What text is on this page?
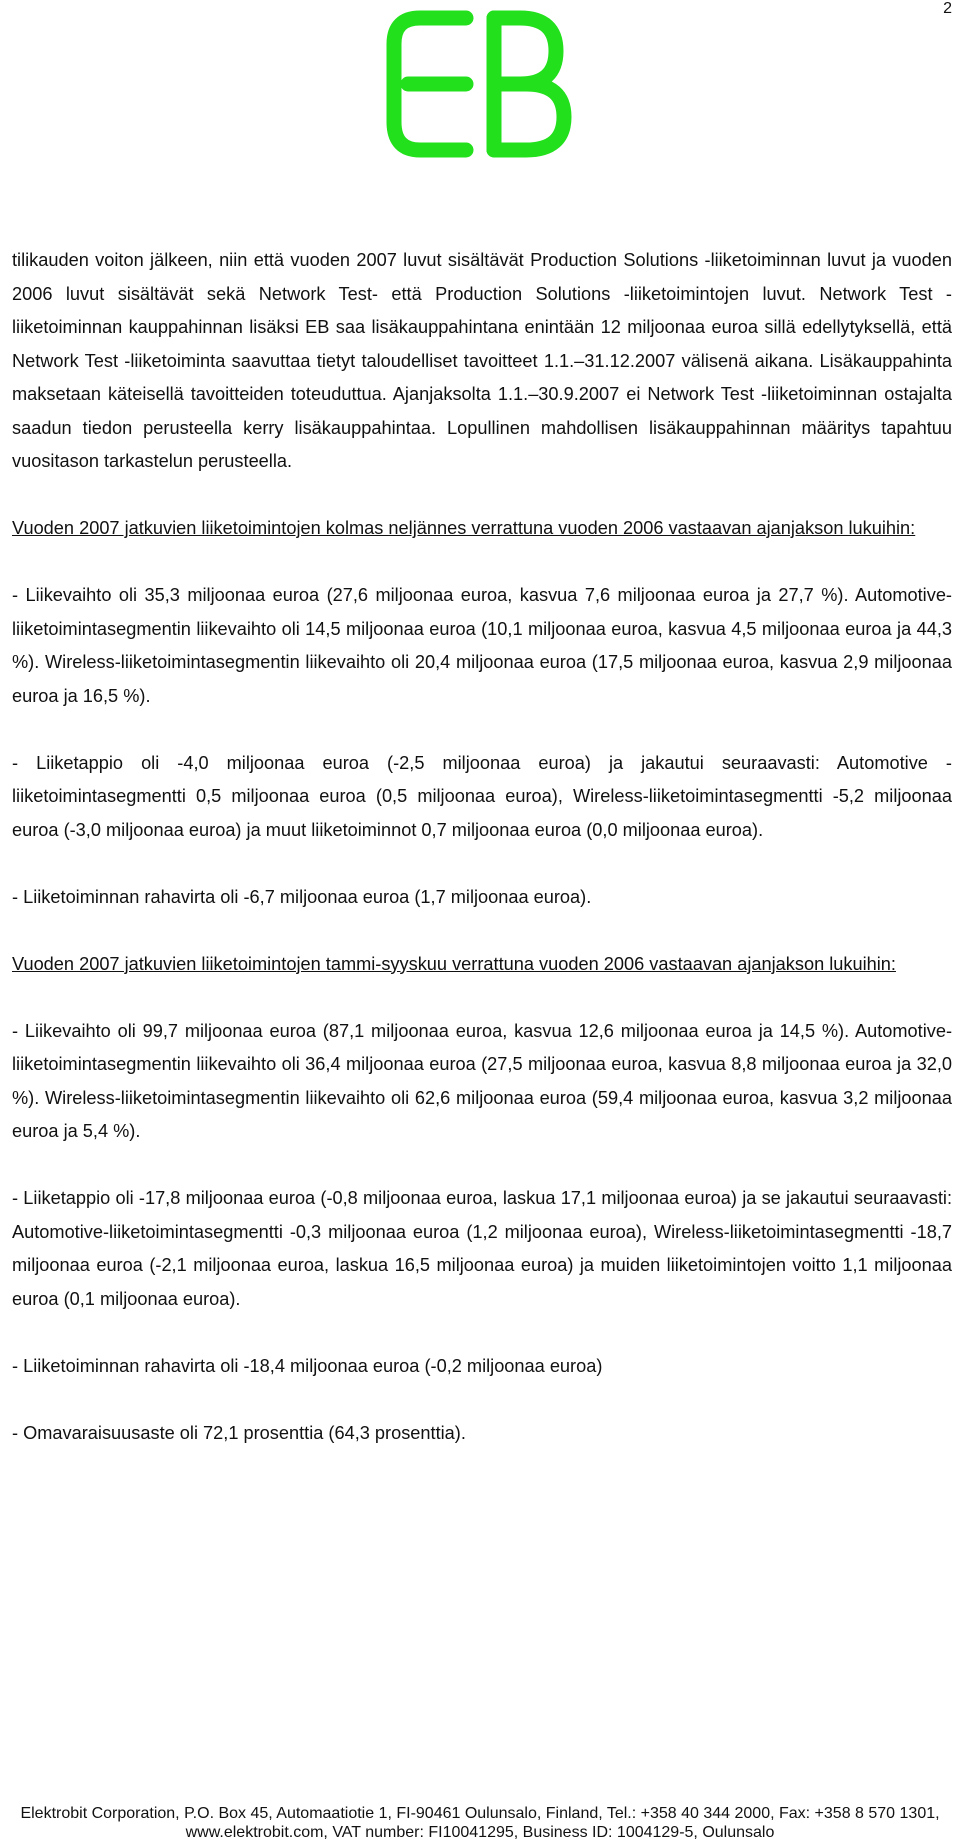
2

tilikauden voiton jälkeen, niin että vuoden 2007 luvut sisältävät Production Solutions -liiketoiminnan luvut ja vuoden 2006 luvut sisältävät sekä Network Test- että Production Solutions -liiketoimintojen luvut. Network Test -liiketoiminnan kauppahinnan lisäksi EB saa lisäkauppahintana enintään 12 miljoonaa euroa sillä edellytyksellä, että Network Test -liiketoiminta saavuttaa tietyt taloudelliset tavoitteet 1.1.–31.12.2007 välisenä aikana. Lisäkauppahinta maksetaan käteisellä tavoitteiden toteuduttua. Ajanjaksolta 1.1.–30.9.2007 ei Network Test -liiketoiminnan ostajalta saadun tiedon perusteella kerry lisäkauppahintaa. Lopullinen mahdollisen lisäkauppahinnan määritys tapahtuu vuositason tarkastelun perusteella.

Vuoden 2007 jatkuvien liiketoimintojen kolmas neljännes verrattuna vuoden 2006 vastaavan ajanjakson lukuihin:

- Liikevaihto oli 35,3 miljoonaa euroa (27,6 miljoonaa euroa, kasvua 7,6 miljoonaa euroa ja 27,7 %). Automotive-liiketoimintasegmentin liikevaihto oli 14,5 miljoonaa euroa (10,1 miljoonaa euroa, kasvua 4,5 miljoonaa euroa ja 44,3 %). Wireless-liiketoimintasegmentin liikevaihto oli 20,4 miljoonaa euroa (17,5 miljoonaa euroa, kasvua 2,9 miljoonaa euroa ja 16,5 %).

- Liiketappio oli -4,0 miljoonaa euroa (-2,5 miljoonaa euroa) ja jakautui seuraavasti: Automotive -liiketoimintasegmentti 0,5 miljoonaa euroa (0,5 miljoonaa euroa), Wireless-liiketoimintasegmentti -5,2 miljoonaa euroa (-3,0 miljoonaa euroa) ja muut liiketoiminnot 0,7 miljoonaa euroa (0,0 miljoonaa euroa).

- Liiketoiminnan rahavirta oli -6,7 miljoonaa euroa (1,7 miljoonaa euroa).

Vuoden 2007 jatkuvien liiketoimintojen tammi-syyskuu verrattuna vuoden 2006 vastaavan ajanjakson lukuihin:

- Liikevaihto oli 99,7 miljoonaa euroa (87,1 miljoonaa euroa, kasvua 12,6 miljoonaa euroa ja 14,5 %). Automotive-liiketoimintasegmentin liikevaihto oli 36,4 miljoonaa euroa (27,5 miljoonaa euroa, kasvua 8,8 miljoonaa euroa ja 32,0 %). Wireless-liiketoimintasegmentin liikevaihto oli 62,6 miljoonaa euroa (59,4 miljoonaa euroa, kasvua 3,2 miljoonaa euroa ja 5,4 %).

- Liiketappio oli -17,8 miljoonaa euroa (-0,8 miljoonaa euroa, laskua 17,1 miljoonaa euroa) ja se jakautui seuraavasti: Automotive-liiketoimintasegmentti -0,3 miljoonaa euroa (1,2 miljoonaa euroa), Wireless-liiketoimintasegmentti -18,7 miljoonaa euroa (-2,1 miljoonaa euroa, laskua 16,5 miljoonaa euroa) ja muiden liiketoimintojen voitto 1,1 miljoonaa euroa (0,1 miljoonaa euroa).

- Liiketoiminnan rahavirta oli -18,4 miljoonaa euroa (-0,2 miljoonaa euroa)

- Omavaraisuusaste oli 72,1 prosenttia (64,3 prosenttia).

Elektrobit Corporation, P.O. Box 45, Automaatiotie 1, FI-90461 Oulunsalo, Finland, Tel.: +358 40 344 2000, Fax: +358 8 570 1301,
www.elektrobit.com, VAT number: FI10041295, Business ID: 1004129-5, Oulunsalo
